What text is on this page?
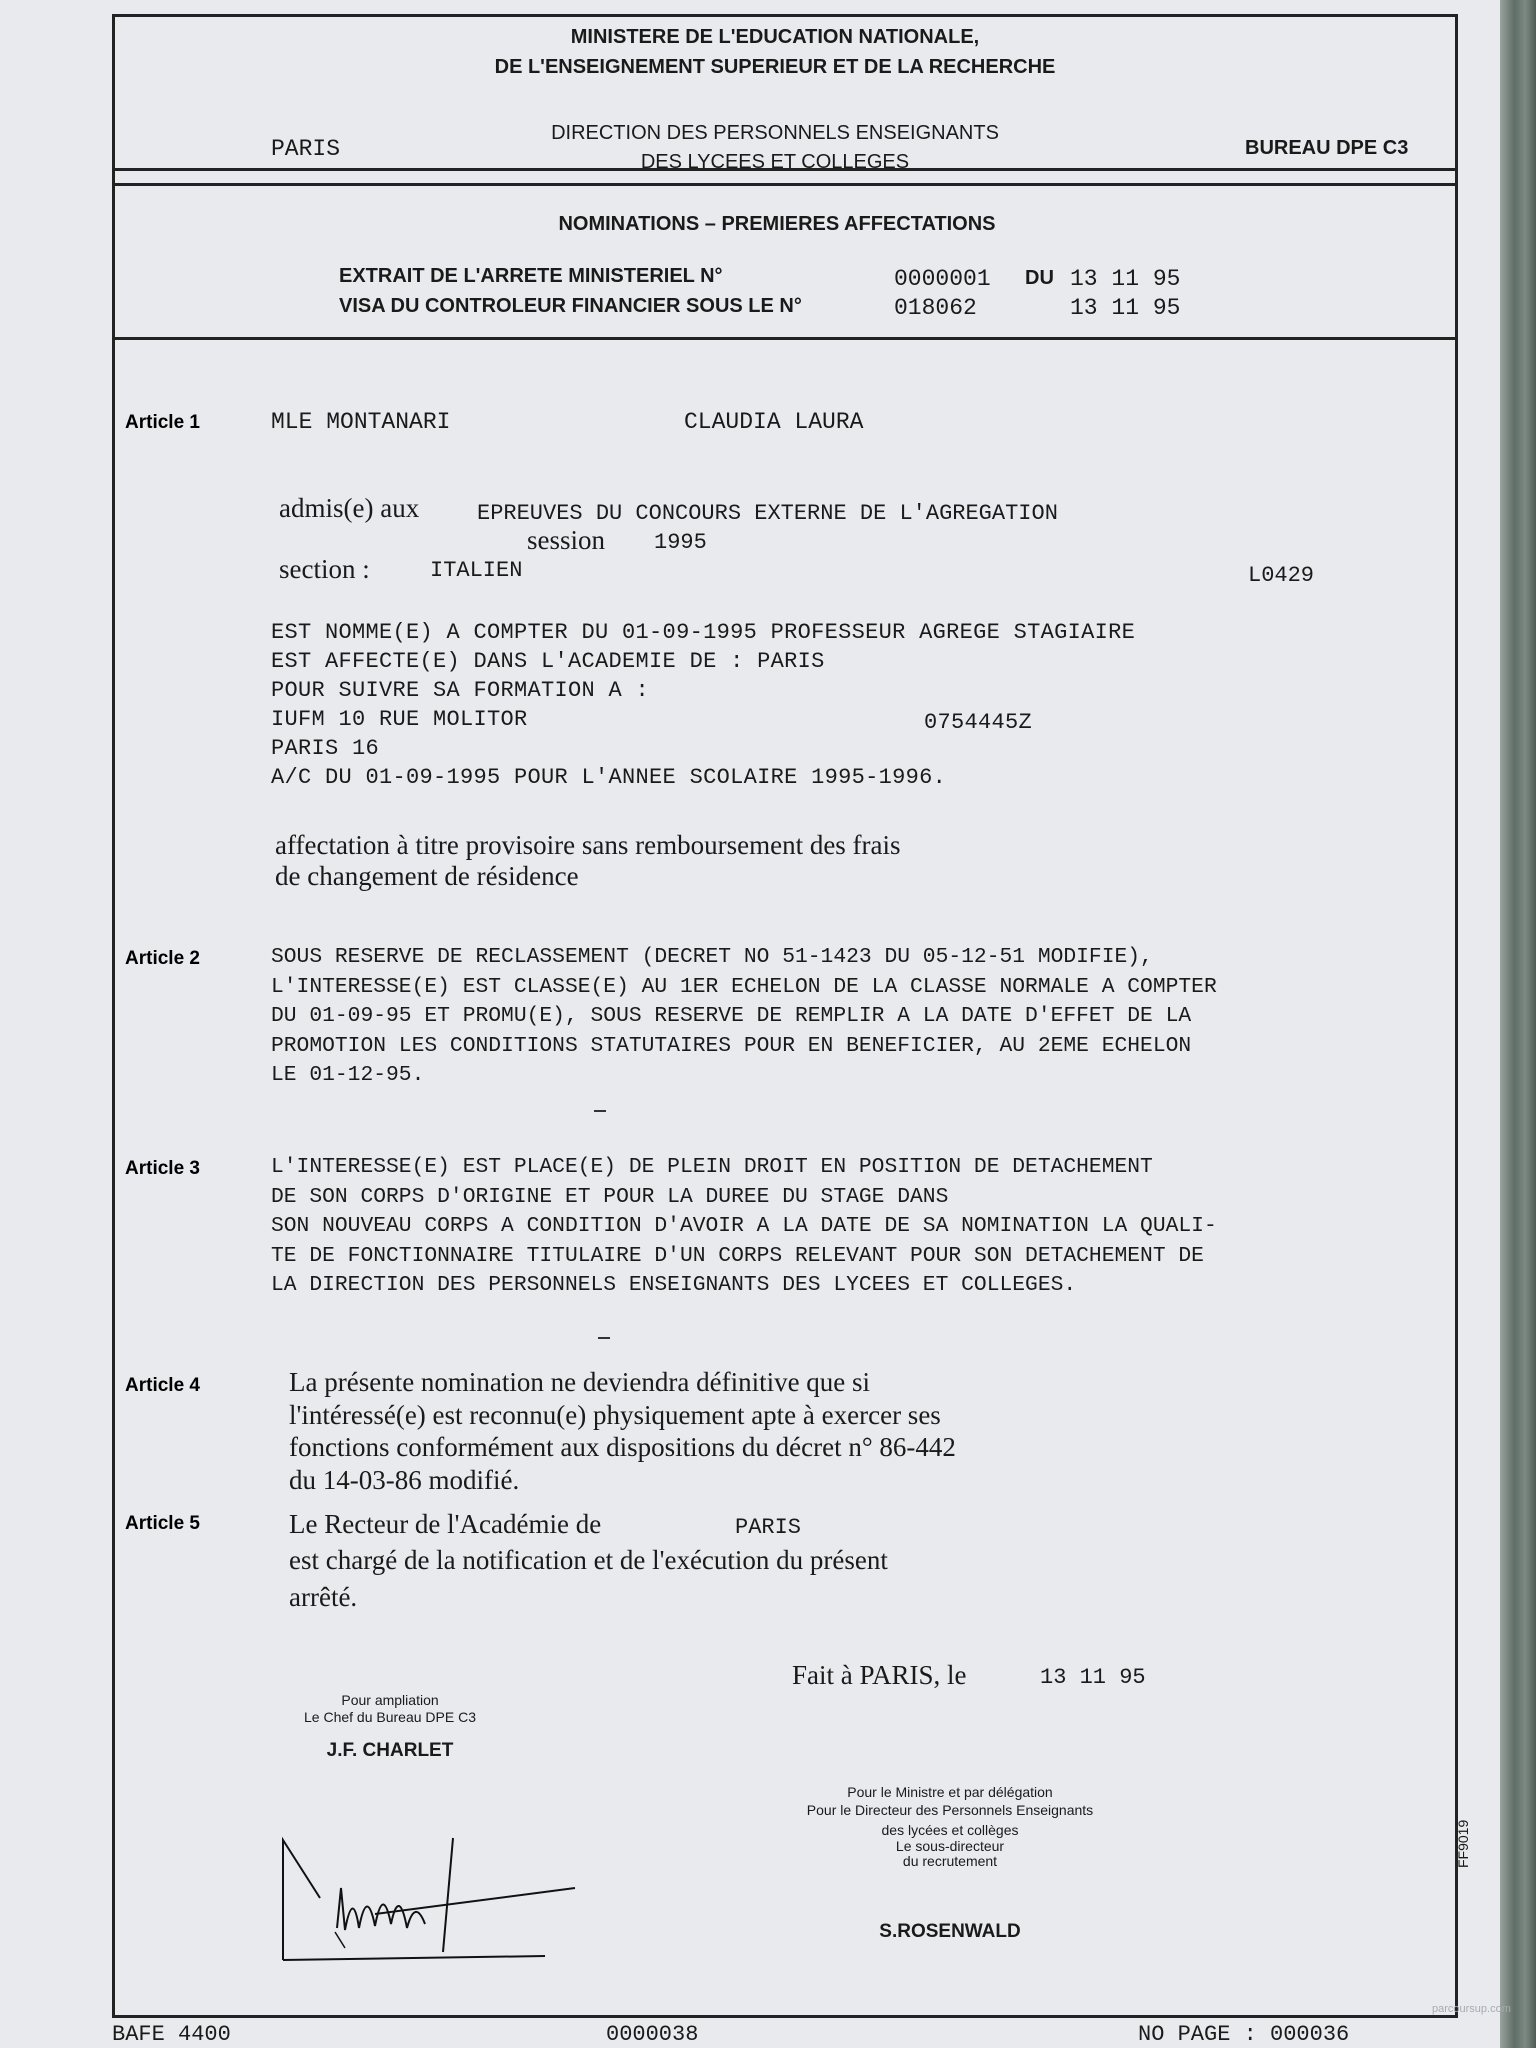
MINISTERE DE L'EDUCATION NATIONALE,
DE L'ENSEIGNEMENT SUPERIEUR ET DE LA RECHERCHE
PARIS
DIRECTION DES PERSONNELS ENSEIGNANTS
DES LYCEES ET COLLEGES
BUREAU DPE C3
NOMINATIONS – PREMIERES AFFECTATIONS
EXTRAIT DE L'ARRETE MINISTERIEL N°	0000001 DU 13 11 95
VISA DU CONTROLEUR FINANCIER SOUS LE N°	018062	13 11 95
Article 1	MLE MONTANARI	CLAUDIA LAURA
admis(e) aux	EPREUVES DU CONCOURS EXTERNE DE L'AGREGATION
session 1995
section :	ITALIEN	L0429
EST NOMME(E) A COMPTER DU 01-09-1995 PROFESSEUR AGREGE STAGIAIRE
EST AFFECTE(E) DANS L'ACADEMIE DE : PARIS
POUR SUIVRE SA FORMATION A :
IUFM 10 RUE MOLITOR	0754445Z
PARIS 16
A/C DU 01-09-1995 POUR L'ANNEE SCOLAIRE 1995-1996.
affectation à titre provisoire sans remboursement des frais
de changement de résidence
Article 2	SOUS RESERVE DE RECLASSEMENT (DECRET NO 51-1423 DU 05-12-51 MODIFIE),
L'INTERESSE(E) EST CLASSE(E) AU 1ER ECHELON DE LA CLASSE NORMALE A COMPTER
DU 01-09-95 ET PROMU(E), SOUS RESERVE DE REMPLIR A LA DATE D'EFFET DE LA
PROMOTION LES CONDITIONS STATUTAIRES POUR EN BENEFICIER, AU 2EME ECHELON
LE 01-12-95.
Article 3	L'INTERESSE(E) EST PLACE(E) DE PLEIN DROIT EN POSITION DE DETACHEMENT
DE SON CORPS D'ORIGINE ET POUR LA DUREE DU STAGE DANS
SON NOUVEAU CORPS A CONDITION D'AVOIR A LA DATE DE SA NOMINATION LA QUALI-
TE DE FONCTIONNAIRE TITULAIRE D'UN CORPS RELEVANT POUR SON DETACHEMENT DE
LA DIRECTION DES PERSONNELS ENSEIGNANTS DES LYCEES ET COLLEGES.
Article 4	La présente nomination ne deviendra définitive que si
l'intéressé(e) est reconnu(e) physiquement apte à exercer ses
fonctions conformément aux dispositions du décret n° 86-442
du 14-03-86 modifié.
Article 5	Le Recteur de l'Académie de	PARIS
est chargé de la notification et de l'exécution du présent
arrêté.
Fait à PARIS, le	13 11 95
Pour ampliation
Le Chef du Bureau DPE C3
J.F. CHARLET
Pour le Ministre et par délégation
Pour le Directeur des Personnels Enseignants
des lycées et collèges
Le sous-directeur
du recrutement
S.ROSENWALD
FF9019
BAFE 4400	0000038	NO PAGE : 000036
parcoursup.com
